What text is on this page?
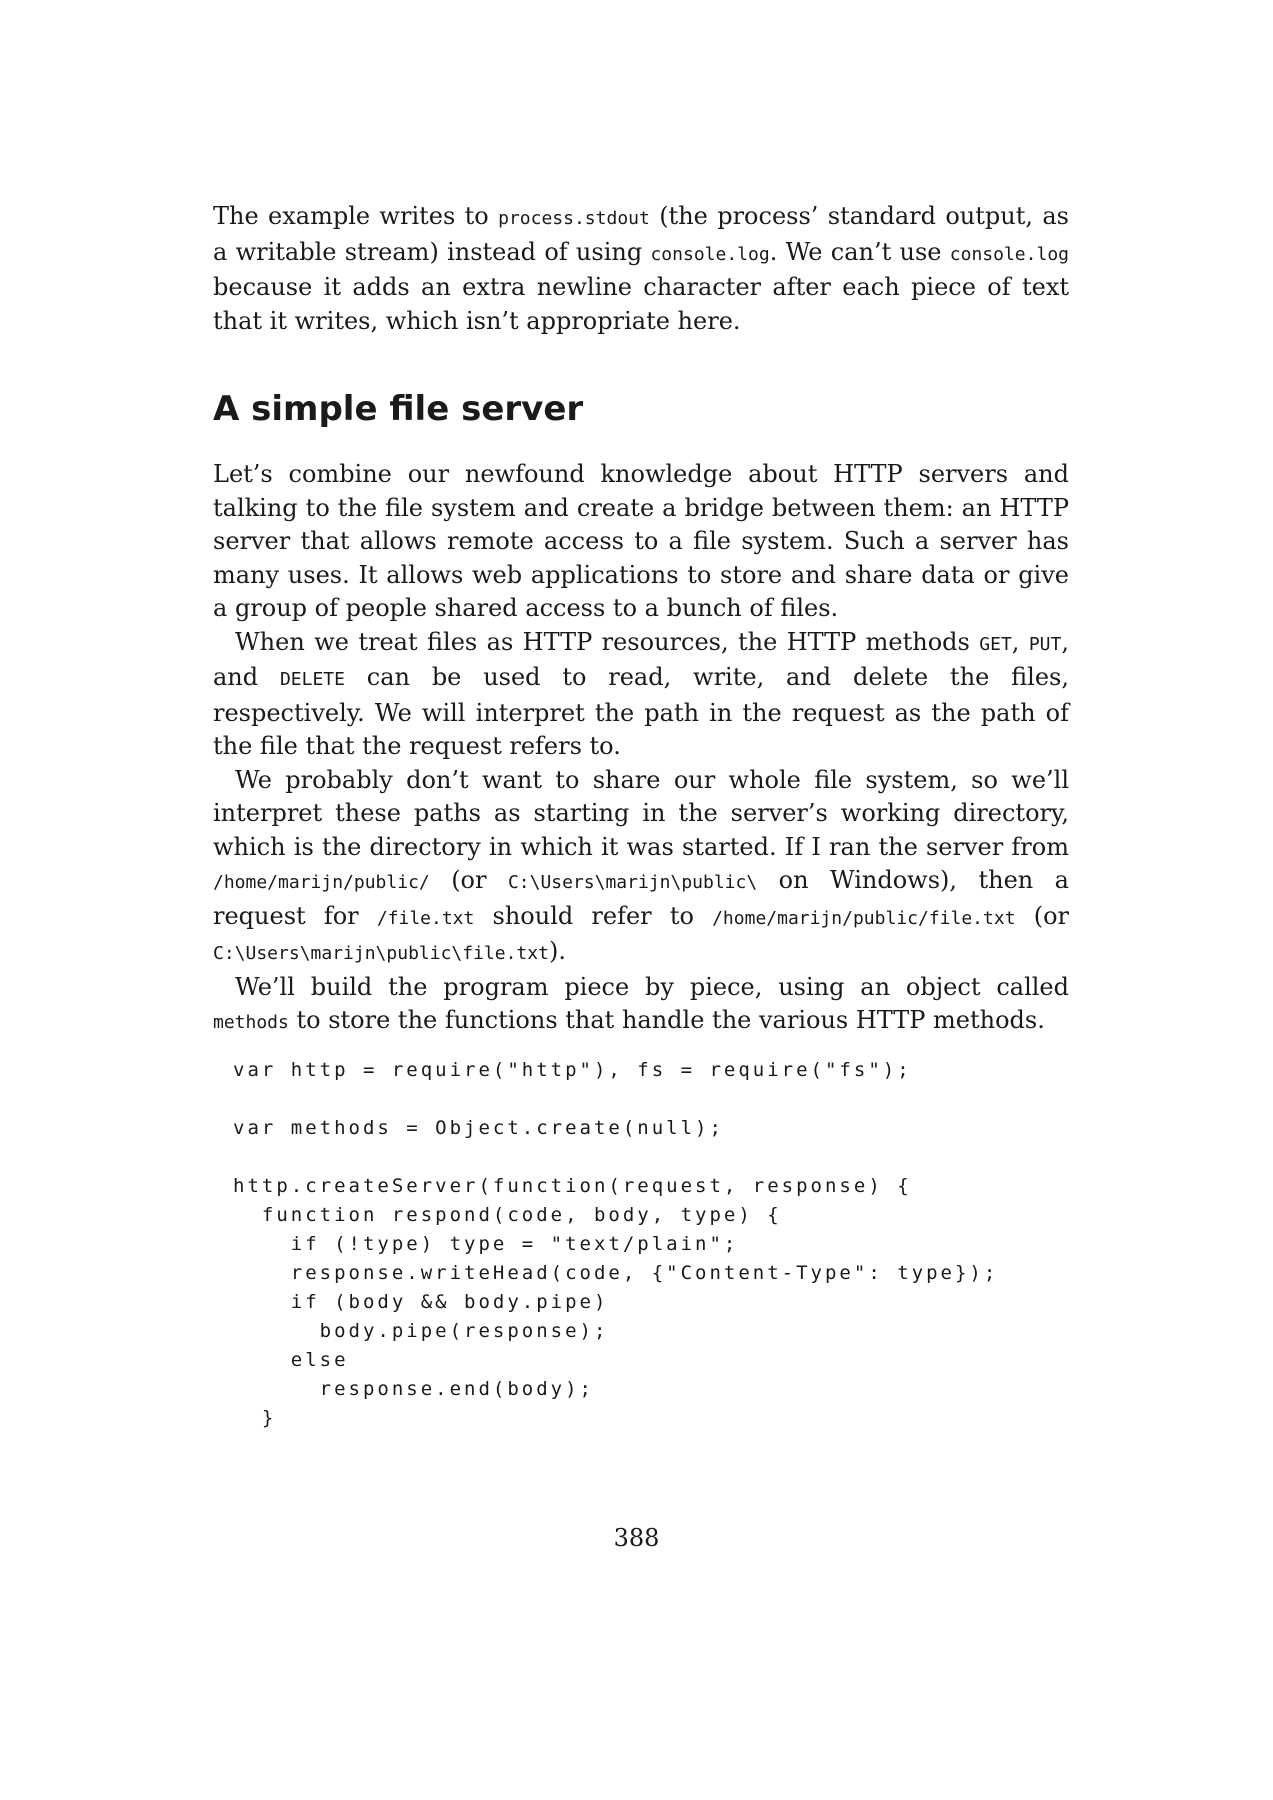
The example writes to process.stdout (the process’ standard output, as a writable stream) instead of using console.log. We can’t use console.log because it adds an extra newline character after each piece of text that it writes, which isn’t appropriate here.

A simple file server

Let’s combine our newfound knowledge about HTTP servers and talking to the file system and create a bridge between them: an HTTP server that allows remote access to a file system. Such a server has many uses. It allows web applications to store and share data or give a group of people shared access to a bunch of files.

When we treat files as HTTP resources, the HTTP methods GET, PUT, and DELETE can be used to read, write, and delete the files, respectively. We will interpret the path in the request as the path of the file that the request refers to.

We probably don’t want to share our whole file system, so we’ll interpret these paths as starting in the server’s working directory, which is the directory in which it was started. If I ran the server from /home/marijn/public/ (or C:\Users\marijn\public\ on Windows), then a request for /file.txt should refer to /home/marijn/public/file.txt (or C:\Users\marijn\public\file.txt).

We’ll build the program piece by piece, using an object called methods to store the functions that handle the various HTTP methods.

var http = require("http"), fs = require("fs");
var methods = Object.create(null);
http.createServer(function(request, response) {
function respond(code, body, type) {
if (!type) type = "text/plain";
response.writeHead(code, {"Content-Type": type});
if (body && body.pipe)
body.pipe(response);
else
response.end(body);
}
388
